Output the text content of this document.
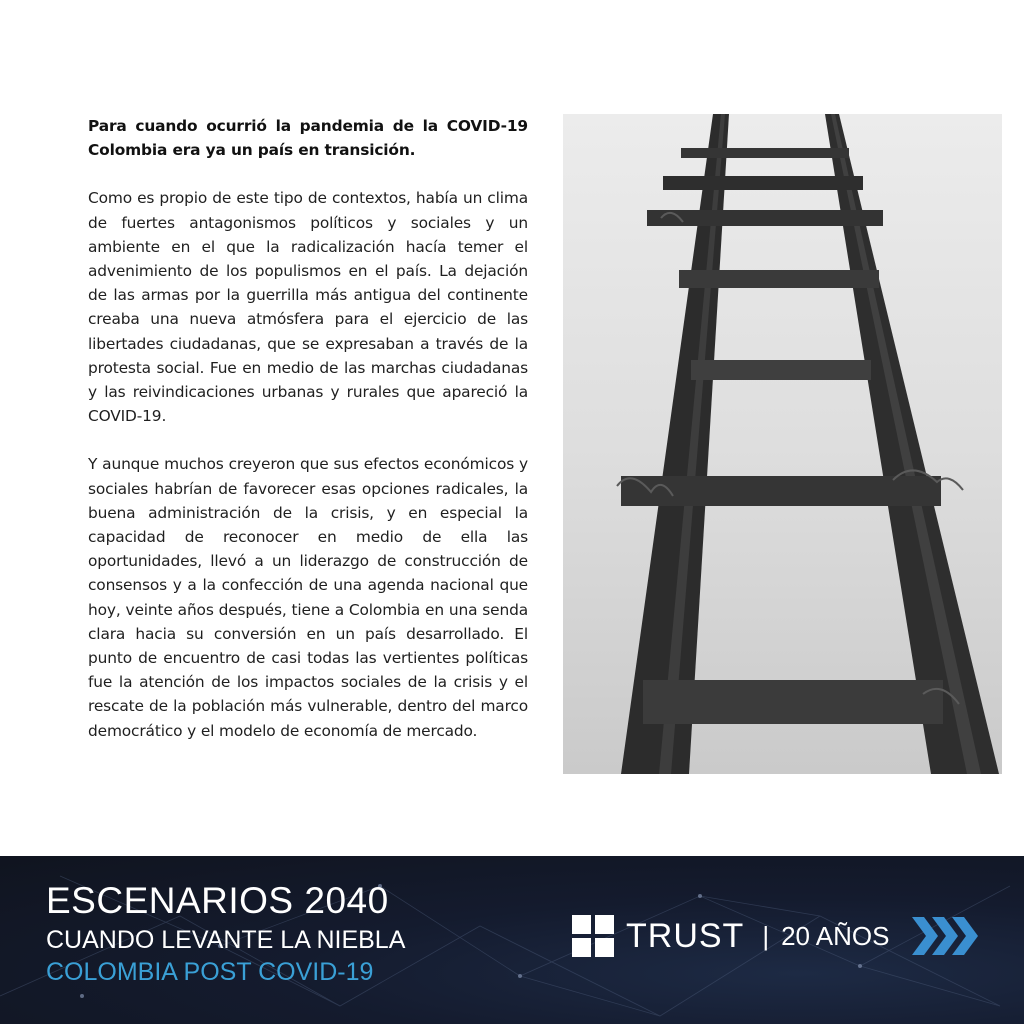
Para cuando ocurrió la pandemia de la COVID-19 Colombia era ya un país en transición.

Como es propio de este tipo de contextos, había un clima de fuertes antagonismos políticos y sociales y un ambiente en el que la radicalización hacía temer el advenimiento de los populismos en el país. La dejación de las armas por la guerrilla más antigua del continente creaba una nueva atmósfera para el ejercicio de las libertades ciudadanas, que se expresaban a través de la protesta social. Fue en medio de las marchas ciudadanas y las reivindicaciones urbanas y rurales que apareció la COVID-19.

Y aunque muchos creyeron que sus efectos económicos y sociales habrían de favorecer esas opciones radicales, la buena administración de la crisis, y en especial la capacidad de reconocer en medio de ella las oportunidades, llevó a un liderazgo de construcción de consensos y a la confección de una agenda nacional que hoy, veinte años después, tiene a Colombia en una senda clara hacia su conversión en un país desarrollado. El punto de encuentro de casi todas las vertientes políticas fue la atención de los impactos sociales de la crisis y el rescate de la población más vulnerable, dentro del marco democrático y el modelo de economía de mercado.

ESCENARIOS 2040
CUANDO LEVANTE LA NIEBLA
COLOMBIA POST COVID-19
TRUST | 20 AÑOS
